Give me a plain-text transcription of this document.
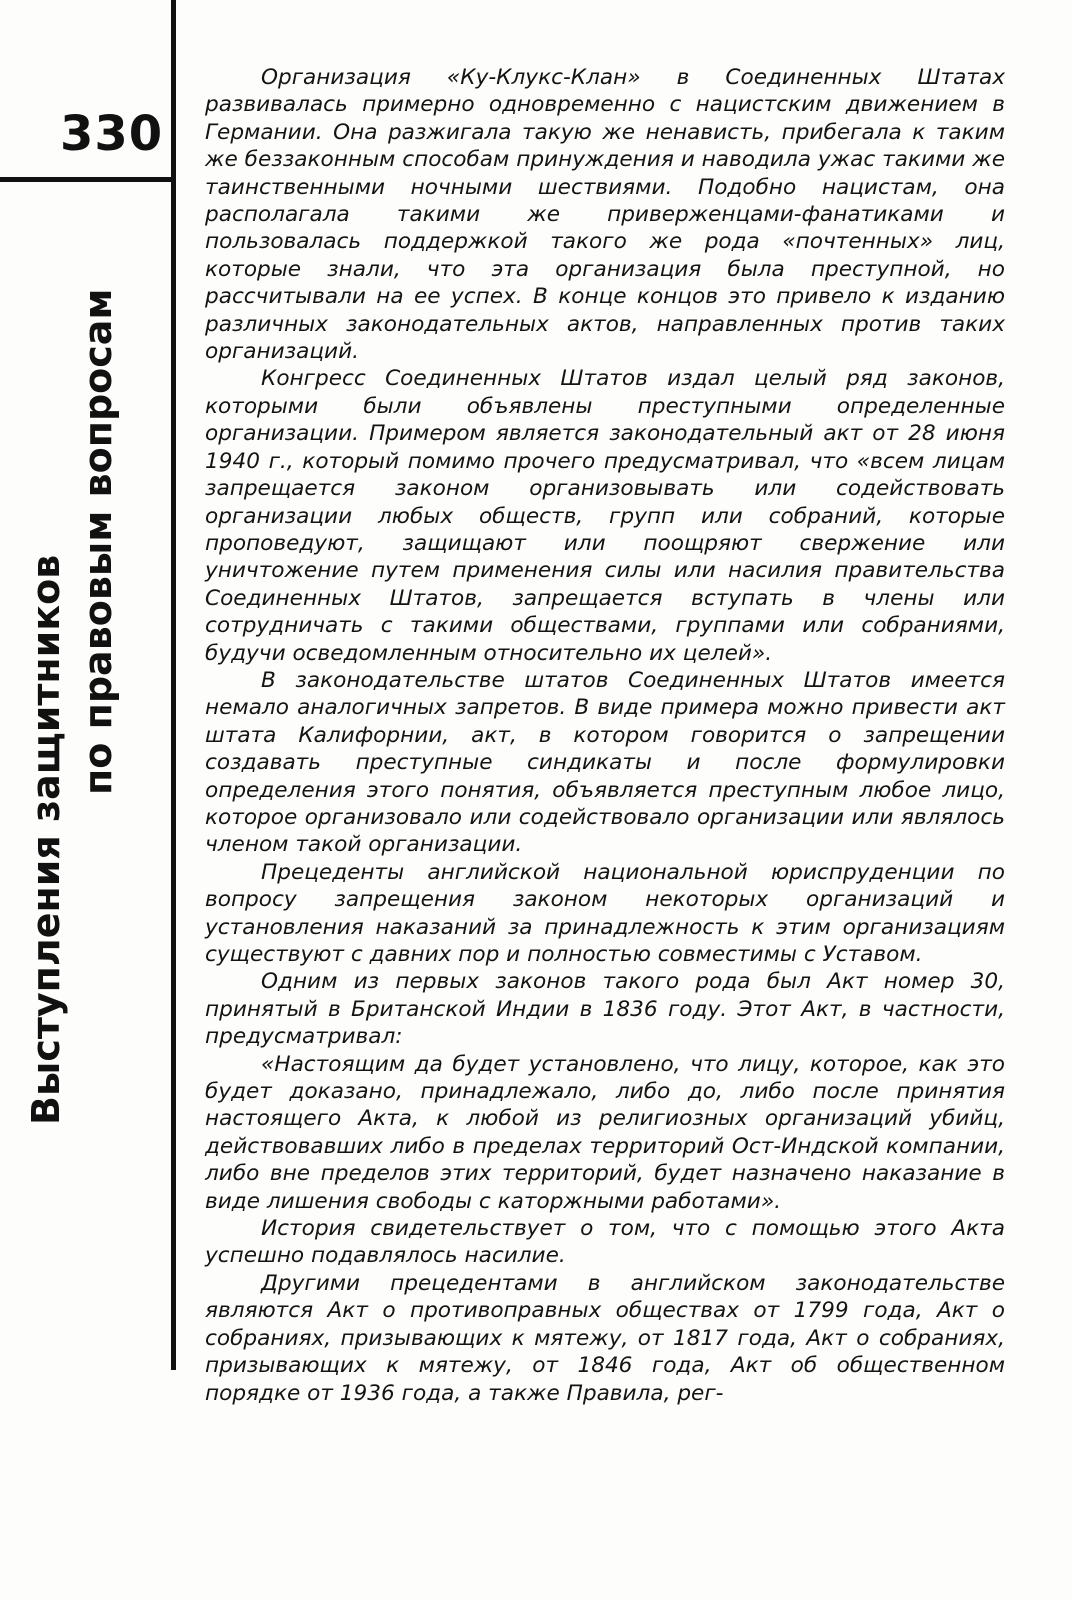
330
Выступления защитников
по правовым вопросам

Организация «Ку-Клукс-Клан» в Соединенных Штатах развивалась примерно одновременно с нацистским движением в Германии. Она разжигала такую же ненависть, прибегала к таким же беззаконным способам принуждения и наводила ужас такими же таинственными ночными шествиями. Подобно нацистам, она располагала такими же приверженцами-фанатиками и пользовалась поддержкой такого же рода «почтенных» лиц, которые знали, что эта организация была преступной, но рассчитывали на ее успех. В конце концов это привело к изданию различных законодательных актов, направленных против таких организаций.

Конгресс Соединенных Штатов издал целый ряд законов, которыми были объявлены преступными определенные организации. Примером является законодательный акт от 28 июня 1940 г., который помимо прочего предусматривал, что «всем лицам запрещается законом организовывать или содействовать организации любых обществ, групп или собраний, которые проповедуют, защищают или поощряют свержение или уничтожение путем применения силы или насилия правительства Соединенных Штатов, запрещается вступать в члены или сотрудничать с такими обществами, группами или собраниями, будучи осведомленным относительно их целей».

В законодательстве штатов Соединенных Штатов имеется немало аналогичных запретов. В виде примера можно привести акт штата Калифорнии, акт, в котором говорится о запрещении создавать преступные синдикаты и после формулировки определения этого понятия, объявляется преступным любое лицо, которое организовало или содействовало организации или являлось членом такой организации.

Прецеденты английской национальной юриспруденции по вопросу запрещения законом некоторых организаций и установления наказаний за принадлежность к этим организациям существуют с давних пор и полностью совместимы с Уставом.

Одним из первых законов такого рода был Акт номер 30, принятый в Британской Индии в 1836 году. Этот Акт, в частности, предусматривал:

«Настоящим да будет установлено, что лицу, которое, как это будет доказано, принадлежало, либо до, либо после принятия настоящего Акта, к любой из религиозных организаций убийц, действовавших либо в пределах территорий Ост-Индской компании, либо вне пределов этих территорий, будет назначено наказание в виде лишения свободы с каторжными работами».

История свидетельствует о том, что с помощью этого Акта успешно подавлялось насилие.

Другими прецедентами в английском законодательстве являются Акт о противоправных обществах от 1799 года, Акт о собраниях, призывающих к мятежу, от 1817 года, Акт о собраниях, призывающих к мятежу, от 1846 года, Акт об общественном порядке от 1936 года, а также Правила, рег-
